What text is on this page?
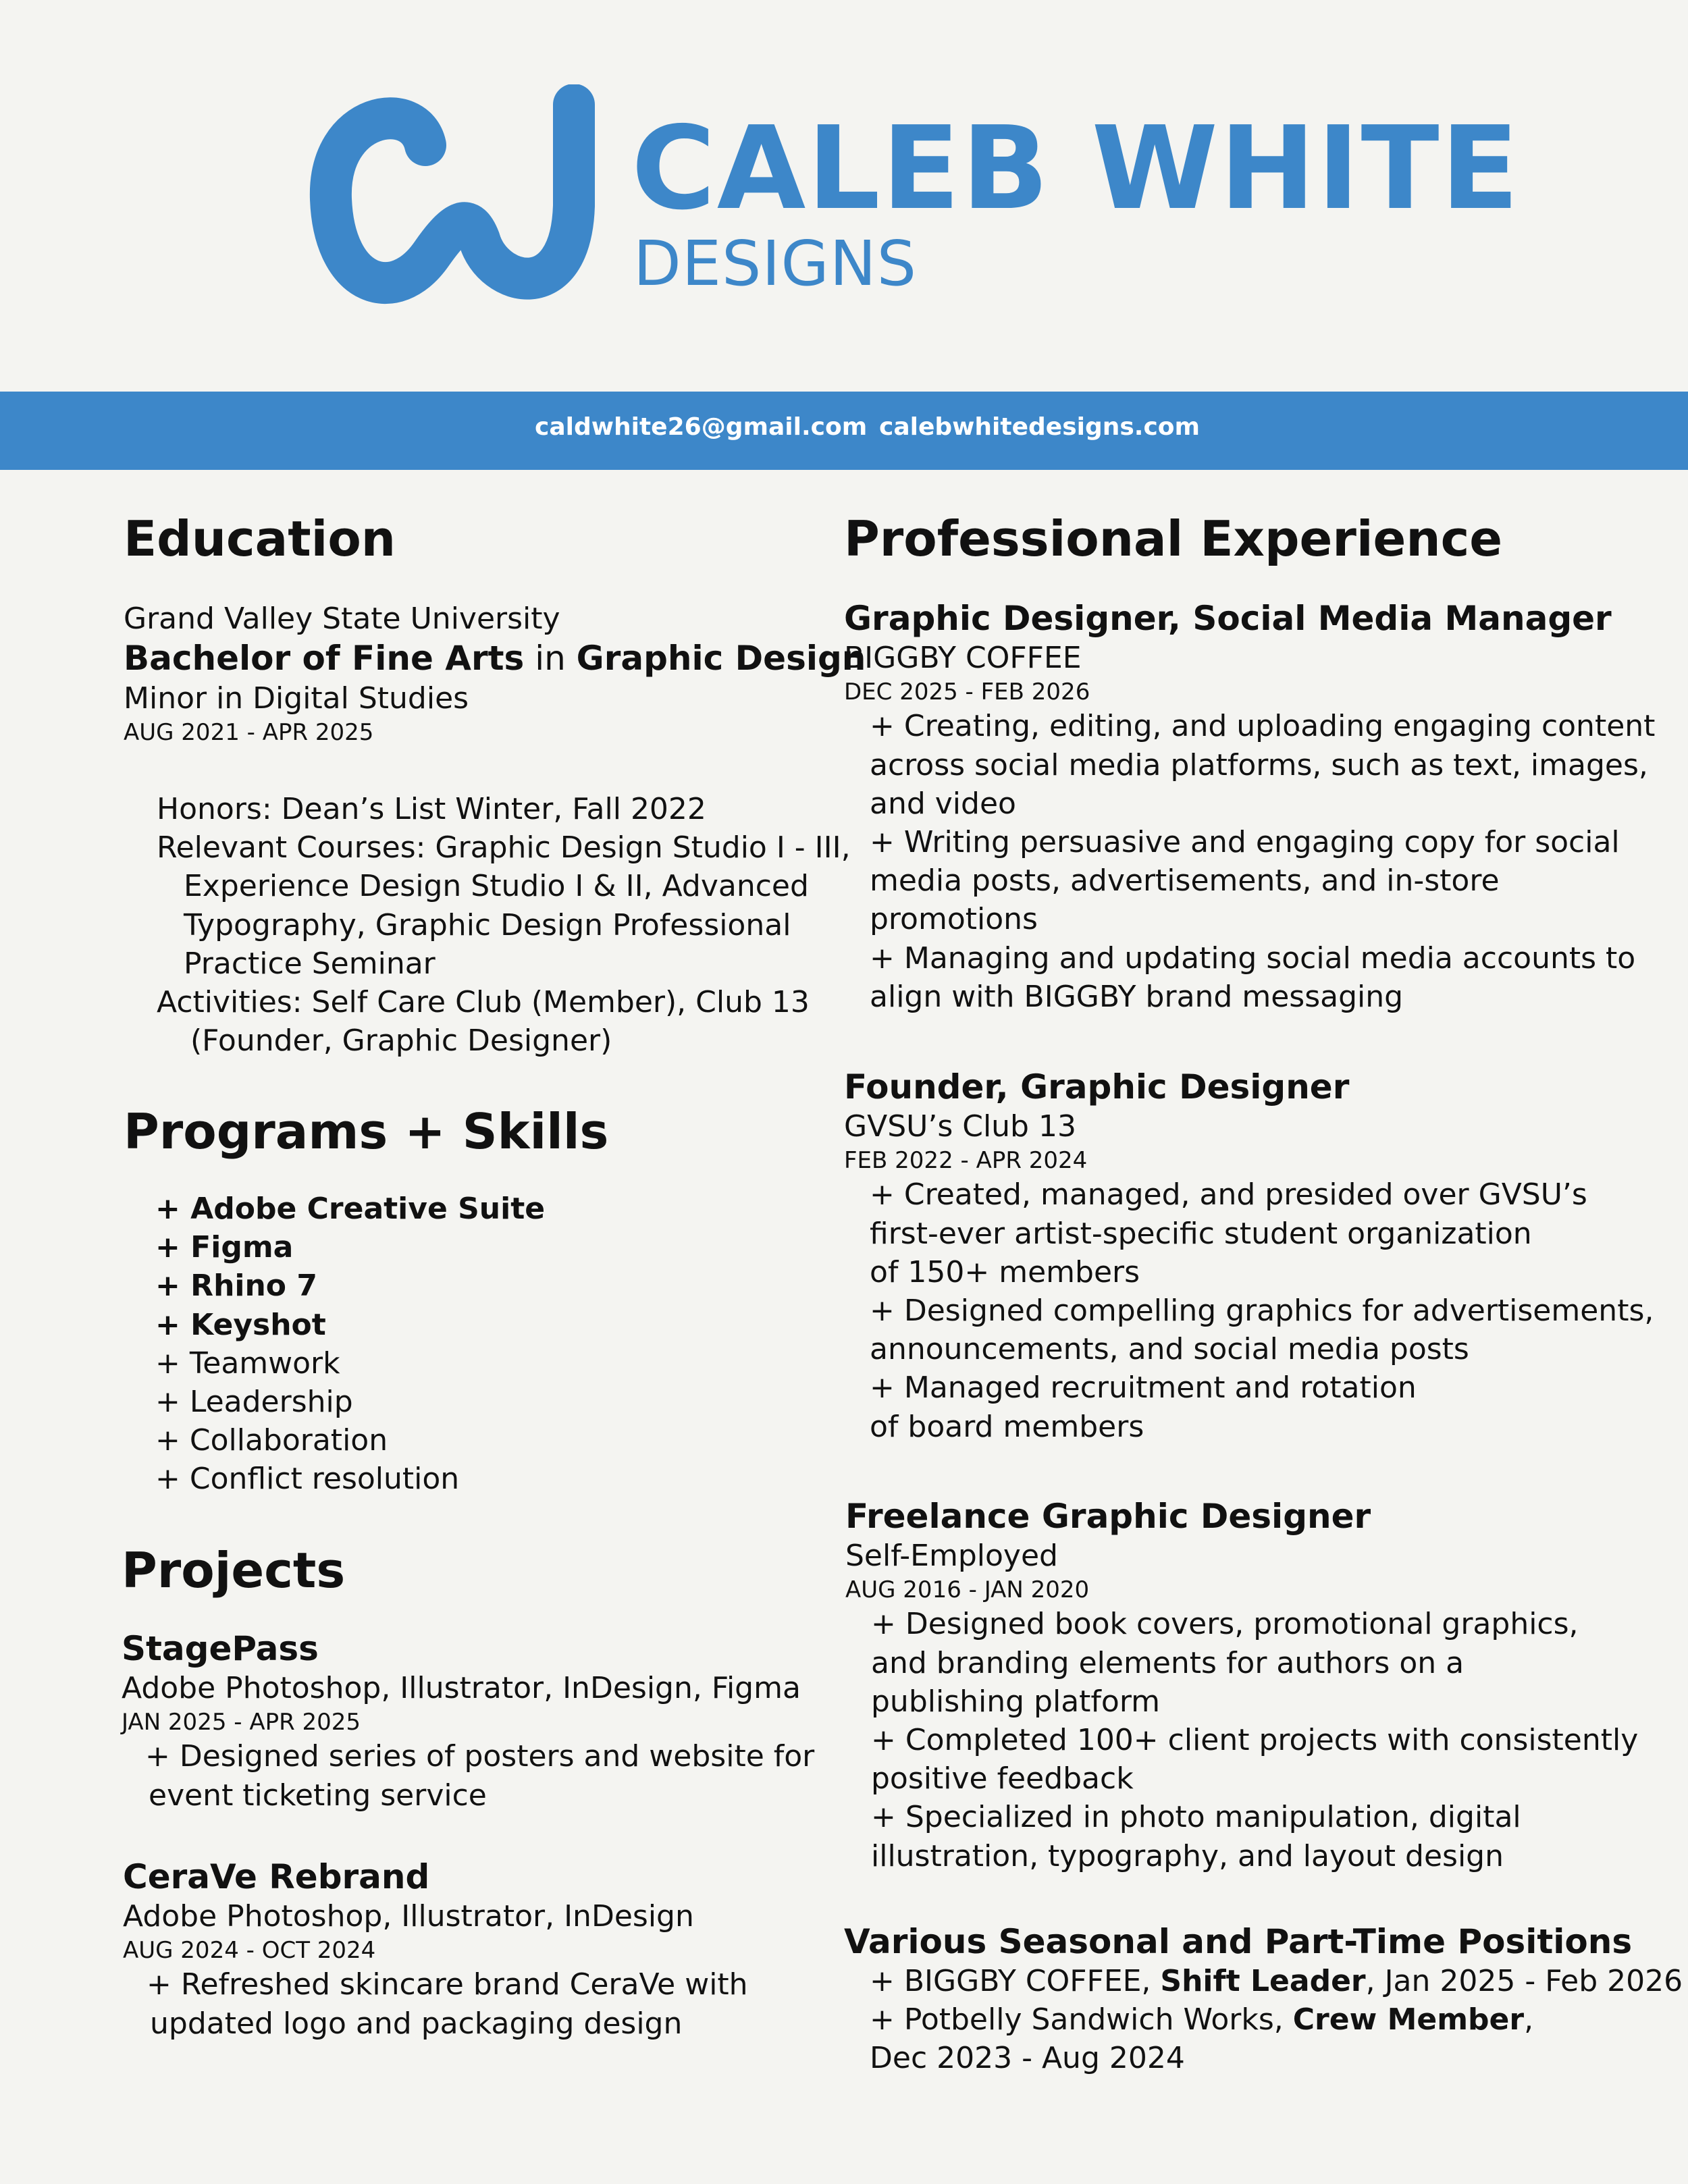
CALEB WHITE
DESIGNS
caldwhite26@gmail.com calebwhitedesigns.com
Education
Grand Valley State University
Bachelor of Fine Arts in Graphic Design
Minor in Digital Studies
AUG 2021 - APR 2025
Honors: Dean’s List Winter, Fall 2022
Relevant Courses: Graphic Design Studio I - III,
Experience Design Studio I & II, Advanced
Typography, Graphic Design Professional
Practice Seminar
Activities: Self Care Club (Member), Club 13
(Founder, Graphic Designer)
Programs + Skills
+ Adobe Creative Suite
+ Figma
+ Rhino 7
+ Keyshot
+ Teamwork
+ Leadership
+ Collaboration
+ Conflict resolution
Projects
StagePass
Adobe Photoshop, Illustrator, InDesign, Figma
JAN 2025 - APR 2025
+ Designed series of posters and website for
event ticketing service
CeraVe Rebrand
Adobe Photoshop, Illustrator, InDesign
AUG 2024 - OCT 2024
+ Refreshed skincare brand CeraVe with
updated logo and packaging design
Professional Experience
Graphic Designer, Social Media Manager
BIGGBY COFFEE
DEC 2025 - FEB 2026
+ Creating, editing, and uploading engaging content
across social media platforms, such as text, images,
and video
+ Writing persuasive and engaging copy for social
media posts, advertisements, and in-store
promotions
+ Managing and updating social media accounts to
align with BIGGBY brand messaging
Founder, Graphic Designer
GVSU’s Club 13
FEB 2022 - APR 2024
+ Created, managed, and presided over GVSU’s
first-ever artist-specific student organization
of 150+ members
+ Designed compelling graphics for advertisements,
announcements, and social media posts
+ Managed recruitment and rotation
of board members
Freelance Graphic Designer
Self-Employed
AUG 2016 - JAN 2020
+ Designed book covers, promotional graphics,
and branding elements for authors on a
publishing platform
+ Completed 100+ client projects with consistently
positive feedback
+ Specialized in photo manipulation, digital
illustration, typography, and layout design
Various Seasonal and Part-Time Positions
+ BIGGBY COFFEE, Shift Leader, Jan 2025 - Feb 2026
+ Potbelly Sandwich Works, Crew Member,
Dec 2023 - Aug 2024
